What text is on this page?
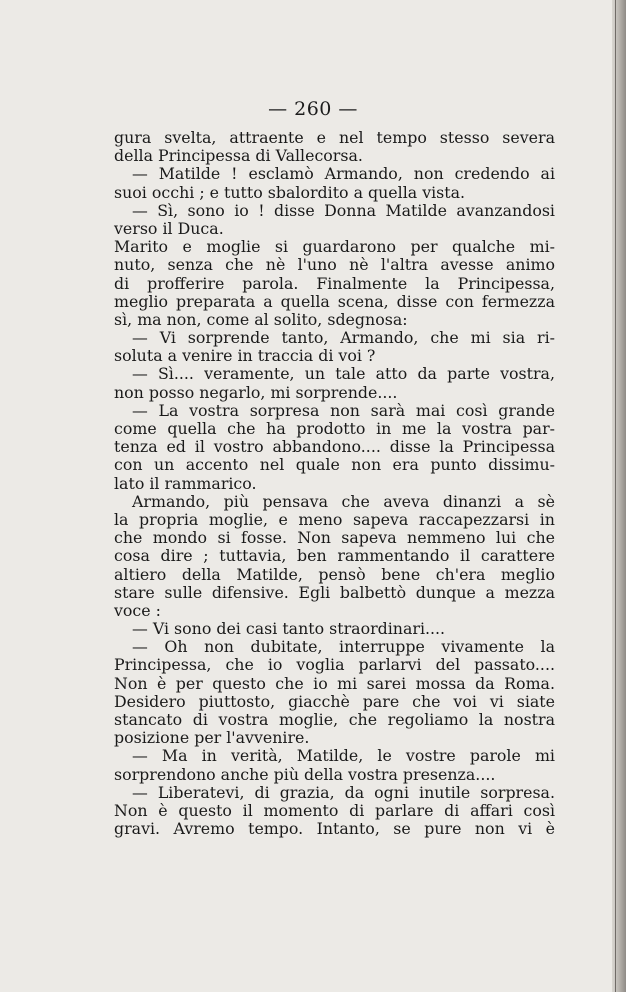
— 260 —
gura svelta, attraente e nel tempo stesso severa
della Principessa di Vallecorsa.
— Matilde ! esclamò Armando, non credendo ai
suoi occhi ; e tutto sbalordito a quella vista.
— Sì, sono io ! disse Donna Matilde avanzandosi
verso il Duca.
Marito e moglie si guardarono per qualche mi-
nuto, senza che nè l'uno nè l'altra avesse animo
di profferire parola. Finalmente la Principessa,
meglio preparata a quella scena, disse con fermezza
sì, ma non, come al solito, sdegnosa:
— Vi sorprende tanto, Armando, che mi sia ri-
soluta a venire in traccia di voi ?
— Sì.... veramente, un tale atto da parte vostra,
non posso negarlo, mi sorprende....
— La vostra sorpresa non sarà mai così grande
come quella che ha prodotto in me la vostra par-
tenza ed il vostro abbandono.... disse la Principessa
con un accento nel quale non era punto dissimu-
lato il rammarico.
Armando, più pensava che aveva dinanzi a sè
la propria moglie, e meno sapeva raccapezzarsi in
che mondo si fosse. Non sapeva nemmeno lui che
cosa dire ; tuttavia, ben rammentando il carattere
altiero della Matilde, pensò bene ch'era meglio
stare sulle difensive. Egli balbettò dunque a mezza
voce :
— Vi sono dei casi tanto straordinari....
— Oh non dubitate, interruppe vivamente la
Principessa, che io voglia parlarvi del passato....
Non è per questo che io mi sarei mossa da Roma.
Desidero piuttosto, giacchè pare che voi vi siate
stancato di vostra moglie, che regoliamo la nostra
posizione per l'avvenire.
— Ma in verità, Matilde, le vostre parole mi
sorprendono anche più della vostra presenza....
— Liberatevi, di grazia, da ogni inutile sorpresa.
Non è questo il momento di parlare di affari così
gravi. Avremo tempo. Intanto, se pure non vi è
